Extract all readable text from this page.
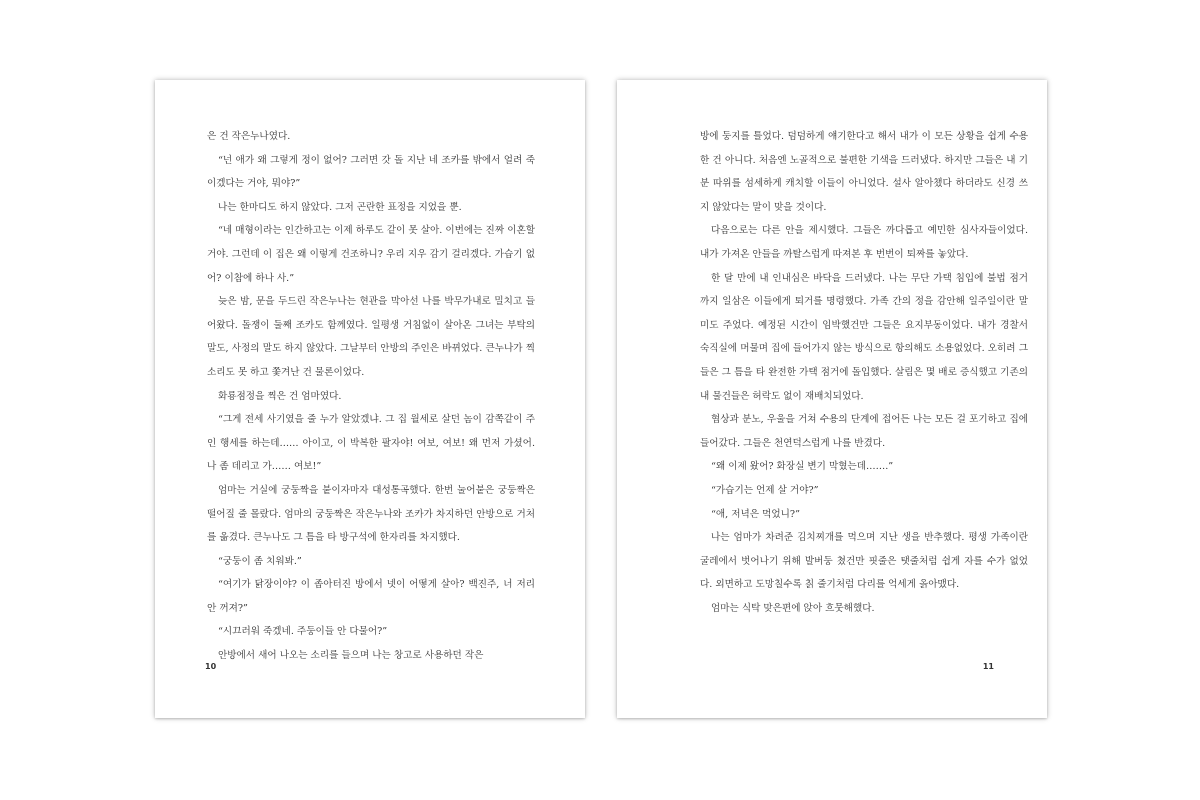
은 건 작은누나였다.

“넌 애가 왜 그렇게 정이 없어? 그러면 갓 돌 지난 네 조카를 밖에서 얼려 죽이겠다는 거야, 뭐야?”

나는 한마디도 하지 않았다. 그저 곤란한 표정을 지었을 뿐.

“네 매형이라는 인간하고는 이제 하루도 같이 못 살아. 이번에는 진짜 이혼할 거야. 그런데 이 집은 왜 이렇게 건조하니? 우리 지우 감기 걸리겠다. 가습기 없어? 이참에 하나 사.”

늦은 밤, 문을 두드린 작은누나는 현관을 막아선 나를 박무가내로 밀치고 들어왔다. 돌쟁이 둘째 조카도 함께였다. 일평생 거침없이 살아온 그녀는 부탁의 말도, 사정의 말도 하지 않았다. 그날부터 안방의 주인은 바뀌었다. 큰누나가 찍 소리도 못 하고 쫓겨난 건 물론이었다.

화룡점정을 찍은 건 엄마였다.

“그게 전세 사기였을 줄 누가 알았겠냐. 그 집 월세로 살던 놈이 감쪽같이 주인 행세를 하는데…… 아이고, 이 박복한 팔자야! 여보, 여보! 왜 먼저 가셨어. 나 좀 데리고 가…… 여보!”

엄마는 거실에 궁둥짝을 붙이자마자 대성통곡했다. 한번 눌어붙은 궁둥짝은 떨어질 줄 몰랐다. 엄마의 궁둥짝은 작은누나와 조카가 차지하던 안방으로 거처를 옮겼다. 큰누나도 그 틈을 타 방구석에 한자리를 차지했다.

“궁둥이 좀 치워봐.”

“여기가 닭장이야? 이 좁아터진 방에서 넷이 어떻게 살아? 백진주, 너 저리 안 꺼져?”

“시끄러워 죽겠네. 주둥이들 안 다물어?”

안방에서 새어 나오는 소리를 들으며 나는 창고로 사용하던 작은

10

방에 둥지를 틀었다. 덤덤하게 얘기한다고 해서 내가 이 모든 상황을 쉽게 수용한 건 아니다. 처음엔 노골적으로 불편한 기색을 드러냈다. 하지만 그들은 내 기분 따위를 섬세하게 캐치할 이들이 아니었다. 설사 알아챘다 하더라도 신경 쓰지 않았다는 말이 맞을 것이다.

다음으로는 다른 안을 제시했다. 그들은 까다롭고 예민한 심사자들이었다. 내가 가져온 안들을 까탈스럽게 따져본 후 번번이 퇴짜를 놓았다.

한 달 만에 내 인내심은 바닥을 드러냈다. 나는 무단 가택 침입에 불법 점거까지 일삼은 이들에게 퇴거를 명령했다. 가족 간의 정을 감안해 일주일이란 말미도 주었다. 예정된 시간이 임박했건만 그들은 요지부동이었다. 내가 경찰서 숙직실에 머물며 집에 들어가지 않는 방식으로 항의해도 소용없었다. 오히려 그들은 그 틈을 타 완전한 가택 점거에 돌입했다. 살림은 몇 배로 증식했고 기존의 내 물건들은 허락도 없이 재배치되었다.

협상과 분노, 우울을 거쳐 수용의 단계에 접어든 나는 모든 걸 포기하고 집에 들어갔다. 그들은 천연덕스럽게 나를 반겼다.

“왜 이제 왔어? 화장실 변기 막혔는데…….”

“가습기는 언제 살 거야?”

“애, 저녁은 먹었니?”

나는 엄마가 차려준 김치찌개를 먹으며 지난 생을 반추했다. 평생 가족이란 굴레에서 벗어나기 위해 발버둥 쳤건만 핏줄은 탯줄처럼 쉽게 자를 수가 없었다. 외면하고 도망칠수록 칡 줄기처럼 다리를 억세게 옭아맸다.

엄마는 식탁 맞은편에 앉아 흐뭇해했다.

11
